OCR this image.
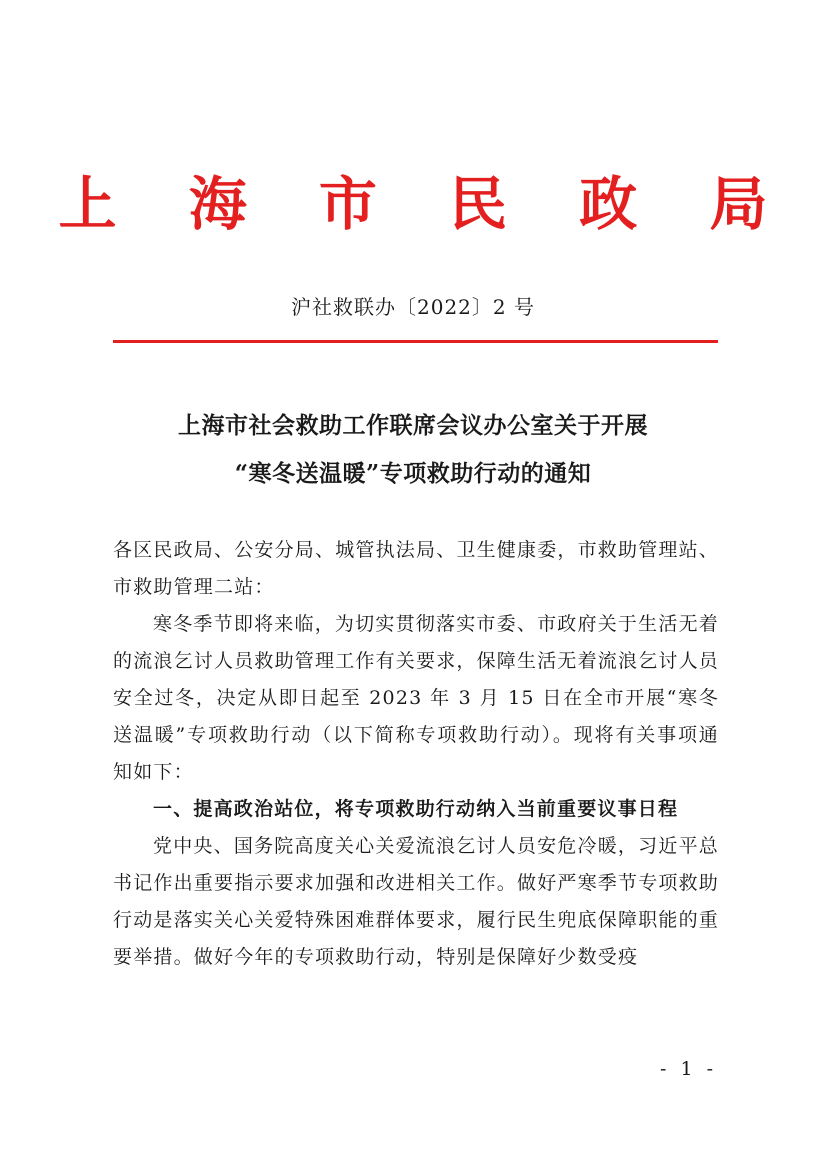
上 海 市 民 政 局
沪社救联办〔2022〕2 号
上海市社会救助工作联席会议办公室关于开展
“寒冬送温暖”专项救助行动的通知

各区民政局、公安分局、城管执法局、卫生健康委，市救助管理站、市救助管理二站：

寒冬季节即将来临，为切实贯彻落实市委、市政府关于生活无着的流浪乞讨人员救助管理工作有关要求，保障生活无着流浪乞讨人员安全过冬，决定从即日起至 2023 年 3 月 15 日在全市开展“寒冬送温暖”专项救助行动（以下简称专项救助行动）。现将有关事项通知如下：

一、提高政治站位，将专项救助行动纳入当前重要议事日程

党中央、国务院高度关心关爱流浪乞讨人员安危冷暖，习近平总书记作出重要指示要求加强和改进相关工作。做好严寒季节专项救助行动是落实关心关爱特殊困难群体要求，履行民生兜底保障职能的重要举措。做好今年的专项救助行动，特别是保障好少数受疫

- 1 -
